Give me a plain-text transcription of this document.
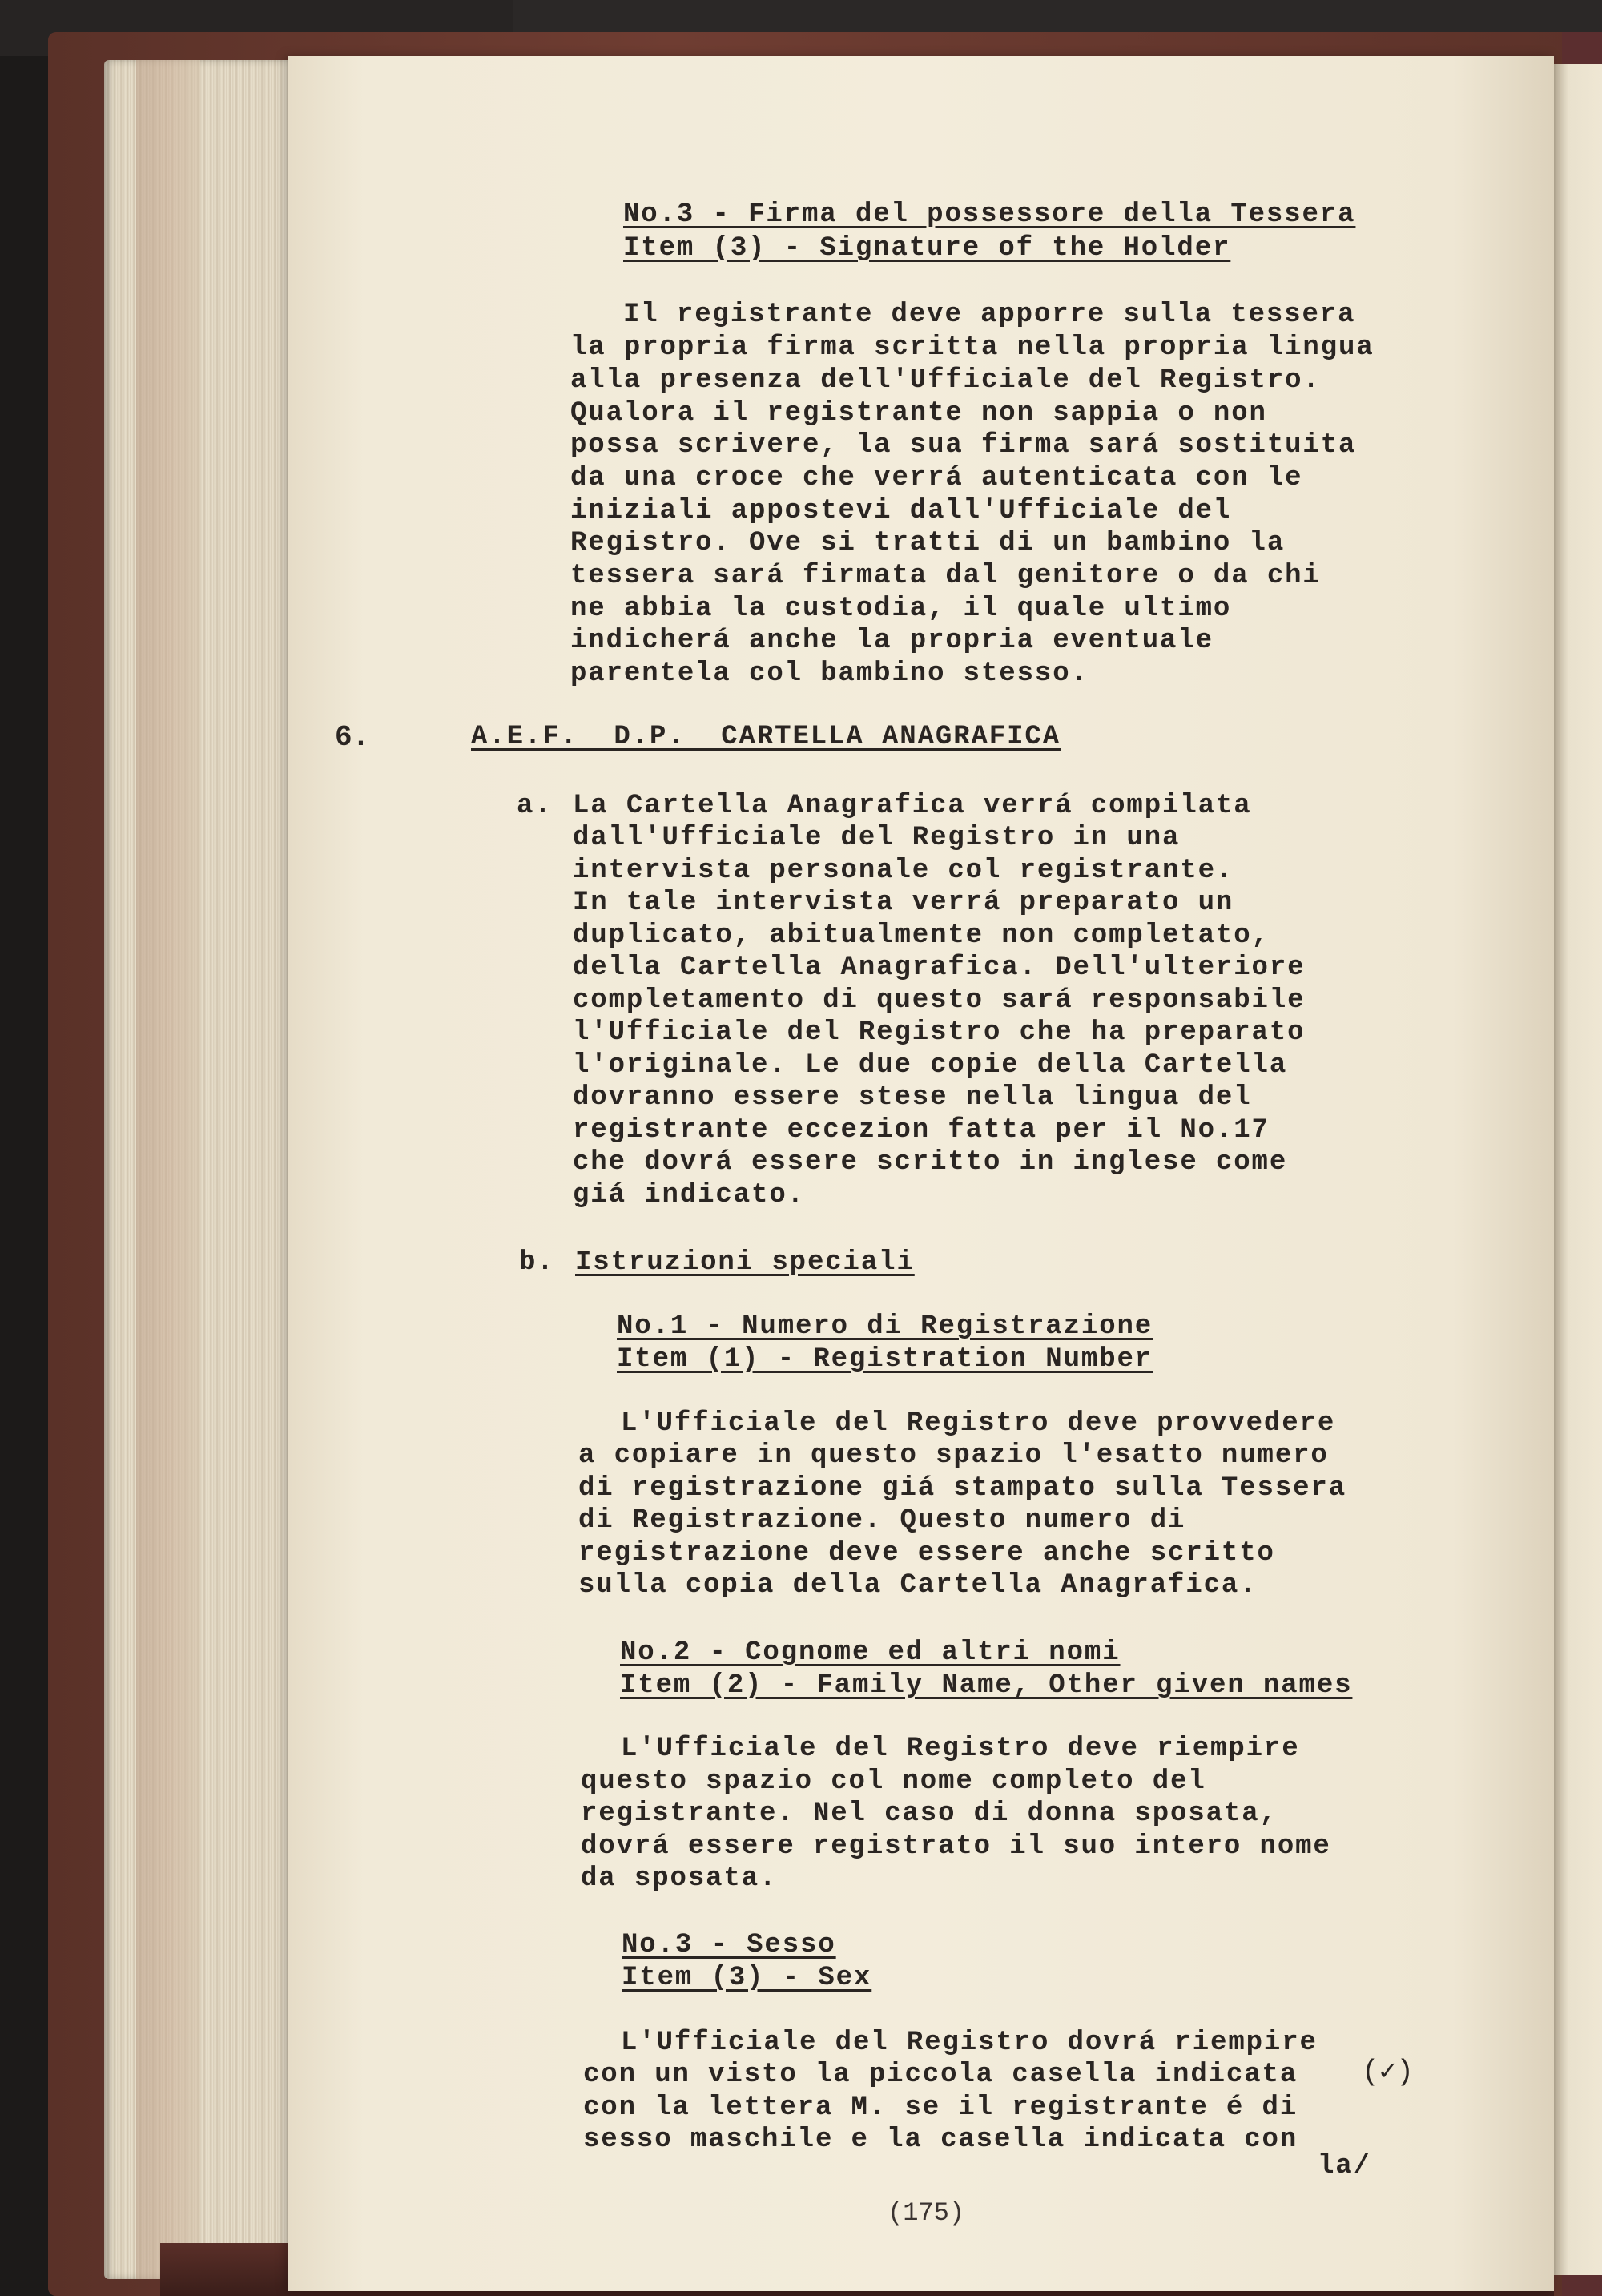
No.3 - Firma del possessore della Tessera
Item (3) - Signature of the Holder
Il registrante deve apporre sulla tessera
la propria firma scritta nella propria lingua
alla presenza dell'Ufficiale del Registro.
Qualora il registrante non sappia o non
possa scrivere, la sua firma sará sostituita
da una croce che verrá autenticata con le
iniziali appostevi dall'Ufficiale del
Registro. Ove si tratti di un bambino la
tessera sará firmata dal genitore o da chi
ne abbia la custodia, il quale ultimo
indicherá anche la propria eventuale
parentela col bambino stesso.
6.	A.E.F.  D.P.  CARTELLA ANAGRAFICA
a. La Cartella Anagrafica verrá compilata
dall'Ufficiale del Registro in una
intervista personale col registrante.
In tale intervista verrá preparato un
duplicato, abitualmente non completato,
della Cartella Anagrafica. Dell'ulteriore
completamento di questo sará responsabile
l'Ufficiale del Registro che ha preparato
l'originale. Le due copie della Cartella
dovranno essere stese nella lingua del
registrante eccezion fatta per il No.17
che dovrá essere scritto in inglese come
giá indicato.
b. Istruzioni speciali
No.1 - Numero di Registrazione
Item (1) - Registration Number
L'Ufficiale del Registro deve provvedere
a copiare in questo spazio l'esatto numero
di registrazione giá stampato sulla Tessera
di Registrazione. Questo numero di
registrazione deve essere anche scritto
sulla copia della Cartella Anagrafica.
No.2 - Cognome ed altri nomi
Item (2) - Family Name, Other given names
L'Ufficiale del Registro deve riempire
questo spazio col nome completo del
registrante. Nel caso di donna sposata,
dovrá essere registrato il suo intero nome
da sposata.
No.3 - Sesso
Item (3) - Sex
L'Ufficiale del Registro dovrá riempire
con un visto la piccola casella indicata (✓)
con la lettera M. se il registrante é di
sesso maschile e la casella indicata con
la/
(175)
